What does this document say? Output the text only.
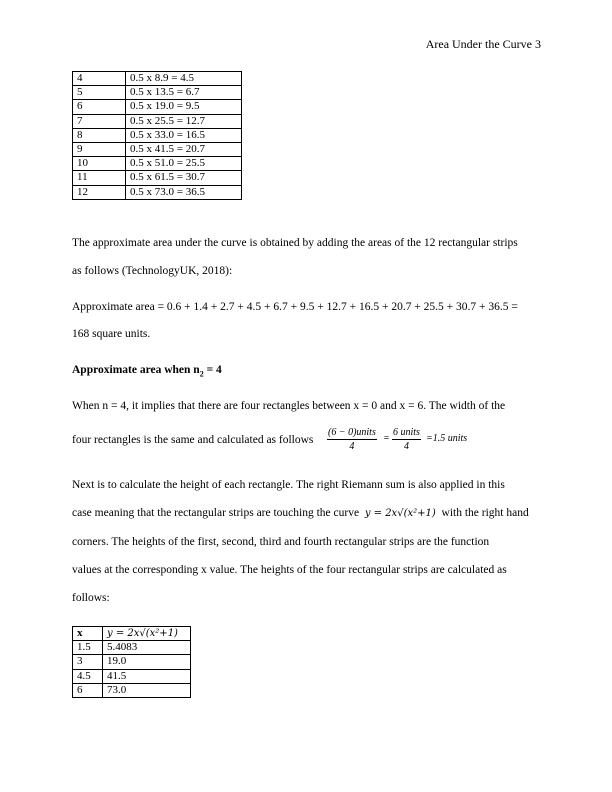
Area Under the Curve 3
4	0.5 x 8.9 = 4.5
5	0.5 x 13.5 = 6.7
6	0.5 x 19.0 = 9.5
7	0.5 x 25.5 = 12.7
8	0.5 x 33.0 = 16.5
9	0.5 x 41.5 = 20.7
10	0.5 x 51.0 = 25.5
11	0.5 x 61.5 = 30.7
12	0.5 x 73.0 = 36.5
The approximate area under the curve is obtained by adding the areas of the 12 rectangular strips
as follows (TechnologyUK, 2018):
Approximate area = 0.6 + 1.4 + 2.7 + 4.5 + 6.7 + 9.5 + 12.7 + 16.5 + 20.7 + 25.5 + 30.7 + 36.5 =
168 square units.
Approximate area when $n_2 = 4$
When n = 4, it implies that there are four rectangles between x = 0 and x = 6. The width of the
four rectangles is the same and calculated as follows
(6 − 0)units
4
=
6 units
4
=1.5 units
Next is to calculate the height of each rectangle. The right Riemann sum is also applied in this
case meaning that the rectangular strips are touching the curve y = 2x√(x²+1) with the right hand
corners. The heights of the first, second, third and fourth rectangular strips are the function
values at the corresponding x value. The heights of the four rectangular strips are calculated as
follows:
x	y = 2x√(x²+1)
1.5	5.4083
3	19.0
4.5	41.5
6	73.0
